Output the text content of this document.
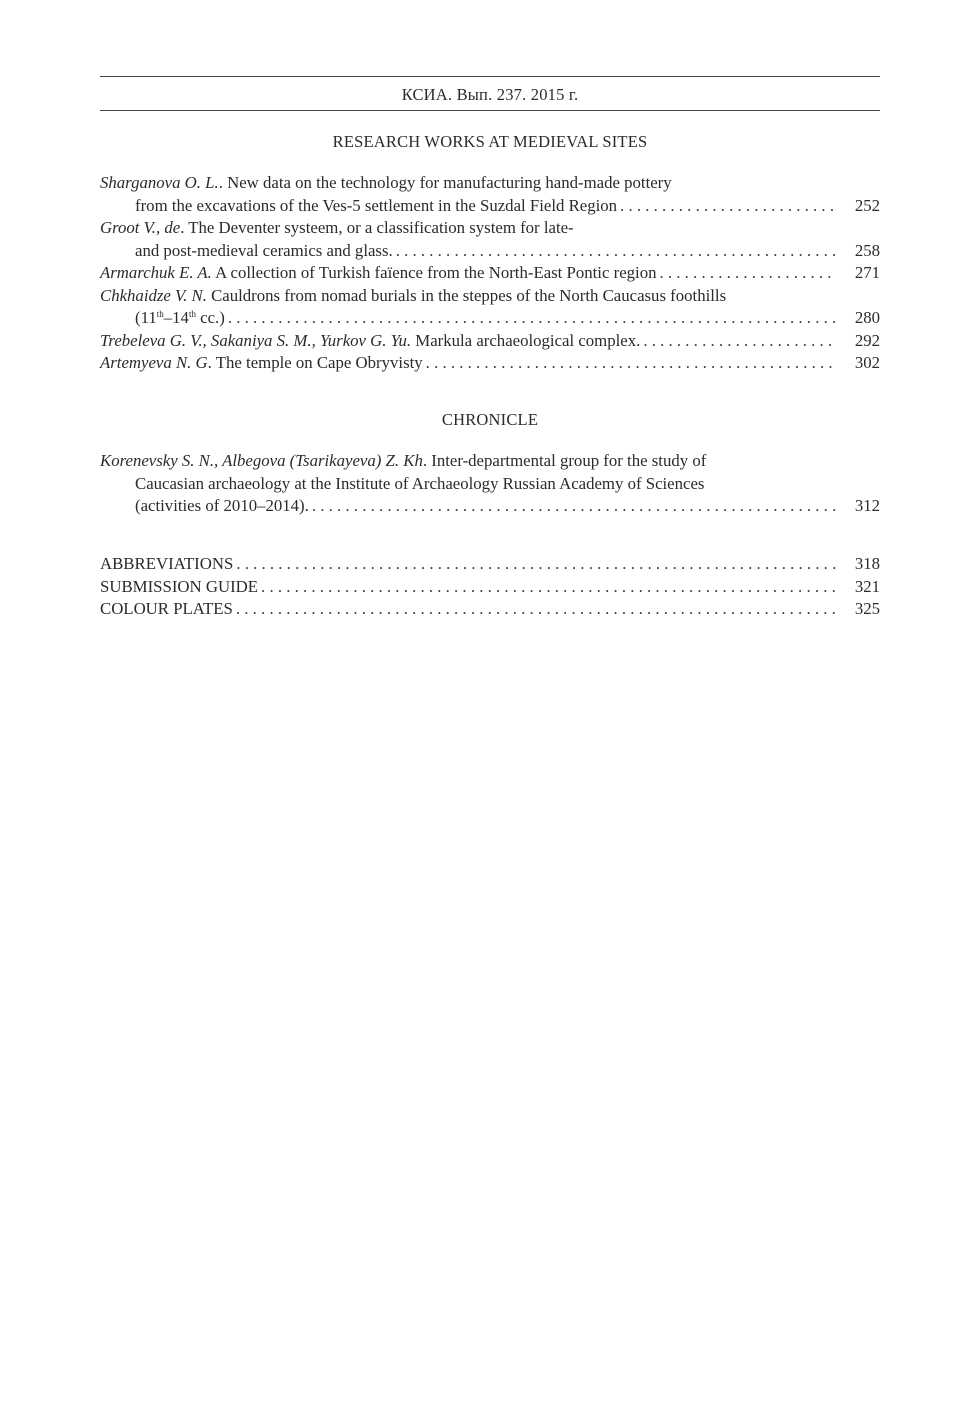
КСИА. Вып. 237. 2015 г.
RESEARCH WORKS AT MEDIEVAL SITES
Sharganova O. L.. New data on the technology for manufacturing hand-made pottery
from the excavations of the Ves-5 settlement in the Suzdal Field Region . . .	252
Groot V., de. The Deventer systeem, or a classification system for late-
and post-medieval ceramics and glass. . . .	258
Armarchuk E. A. A collection of Turkish faïence from the North-East Pontic region . . .	271
Chkhaidze V. N. Cauldrons from nomad burials in the steppes of the North Caucasus foothills
(11th–14th cc.) . . .	280
Trebeleva G. V., Sakaniya S. M., Yurkov G. Yu. Markula archaeological complex. . . .	292
Artemyeva N. G. The temple on Cape Obryvisty . . .	302
CHRONICLE
Korenevsky S. N., Albegova (Tsarikayeva) Z. Kh. Inter-departmental group for the study of
Caucasian archaeology at the Institute of Archaeology Russian Academy of Sciences
(activities of 2010–2014). . . .	312
ABBREVIATIONS . . .	318
SUBMISSION GUIDE . . .	321
COLOUR PLATES . . .	325
